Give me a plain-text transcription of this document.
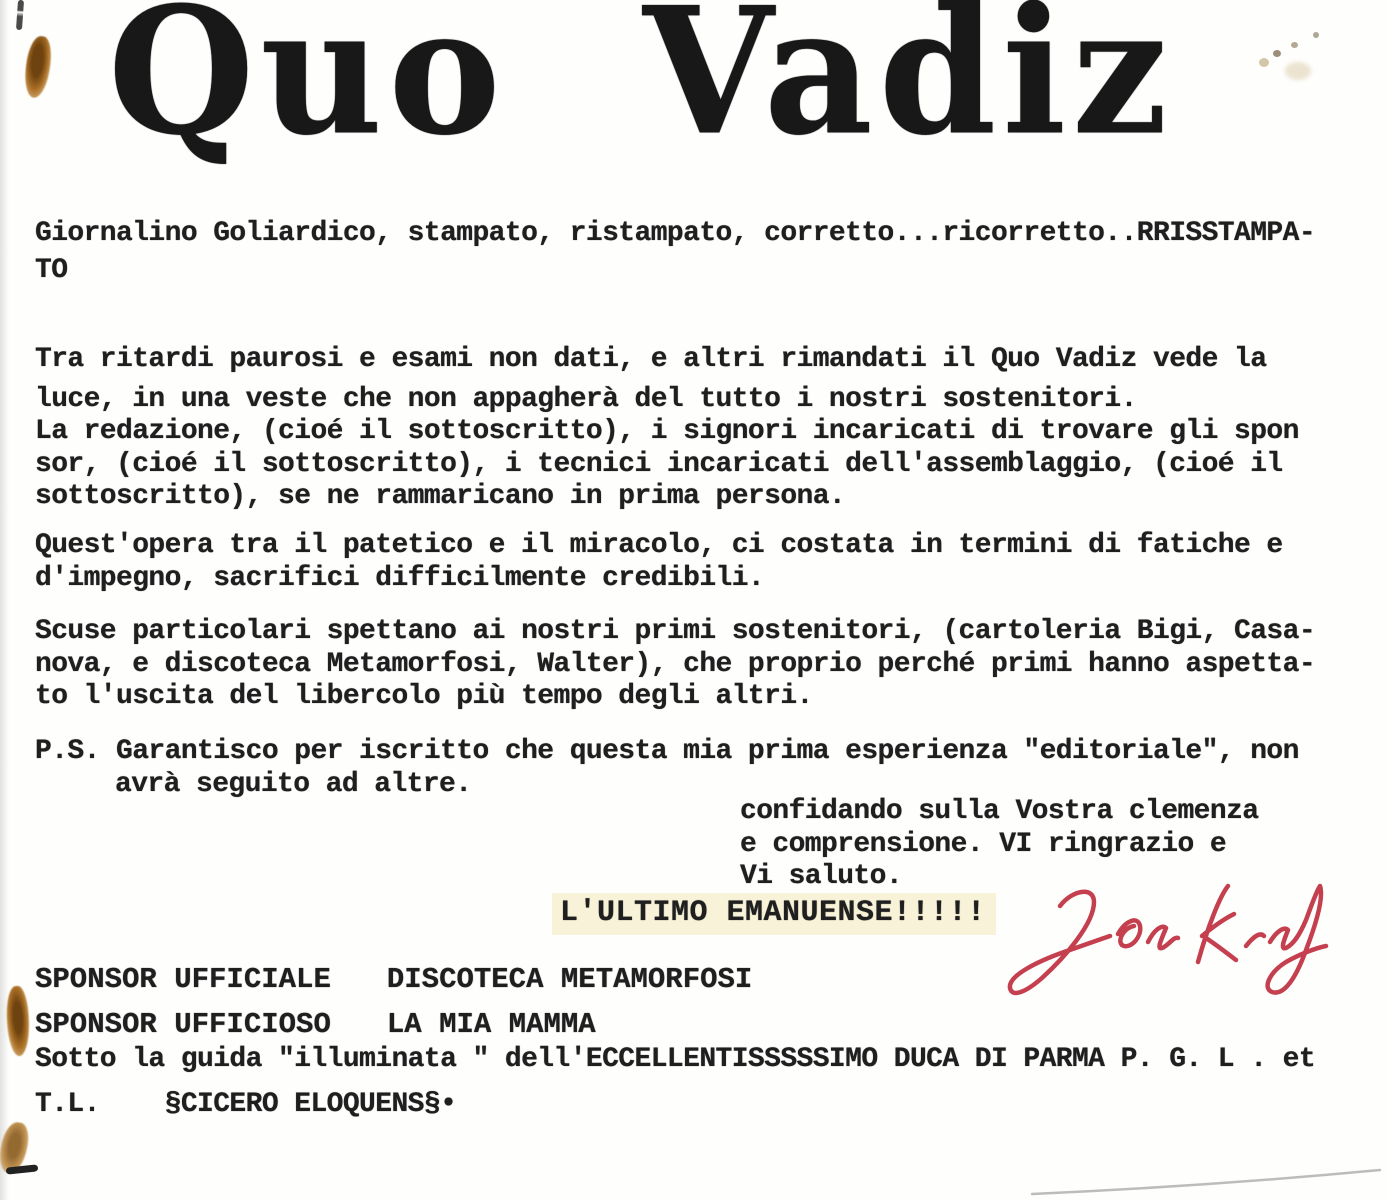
Quo Vadiz
Giornalino Goliardico, stampato, ristampato, corretto...ricorretto..RRISSTAMPA-
TO
Tra ritardi paurosi e esami non dati, e altri rimandati il Quo Vadiz vede la
luce, in una veste che non appagherà del tutto i nostri sostenitori.
La redazione, (cioé il sottoscritto), i signori incaricati di trovare gli spon
sor, (cioé il sottoscritto), i tecnici incaricati dell'assemblaggio, (cioé il
sottoscritto), se ne rammaricano in prima persona.
Quest'opera tra il patetico e il miracolo, ci costata in termini di fatiche e
d'impegno, sacrifici difficilmente credibili.
Scuse particolari spettano ai nostri primi sostenitori, (cartoleria Bigi, Casa-
nova, e discoteca Metamorfosi, Walter), che proprio perché primi hanno aspetta-
to l'uscita del libercolo più tempo degli altri.
P.S. Garantisco per iscritto che questa mia prima esperienza "editoriale", non
avrà seguito ad altre.
confidando sulla Vostra clemenza
e comprensione. VI ringrazio e
Vi saluto.
L'ULTIMO EMANUENSE!!!!!
SPONSOR UFFICIALE DISCOTECA METAMORFOSI
SPONSOR UFFICIOSO LA MIA MAMMA
Sotto la guida "illuminata " dell'ECCELLENTISSSSSIMO DUCA DI PARMA P. G. L . et
T.L.    §CICERO ELOQUENS§•
